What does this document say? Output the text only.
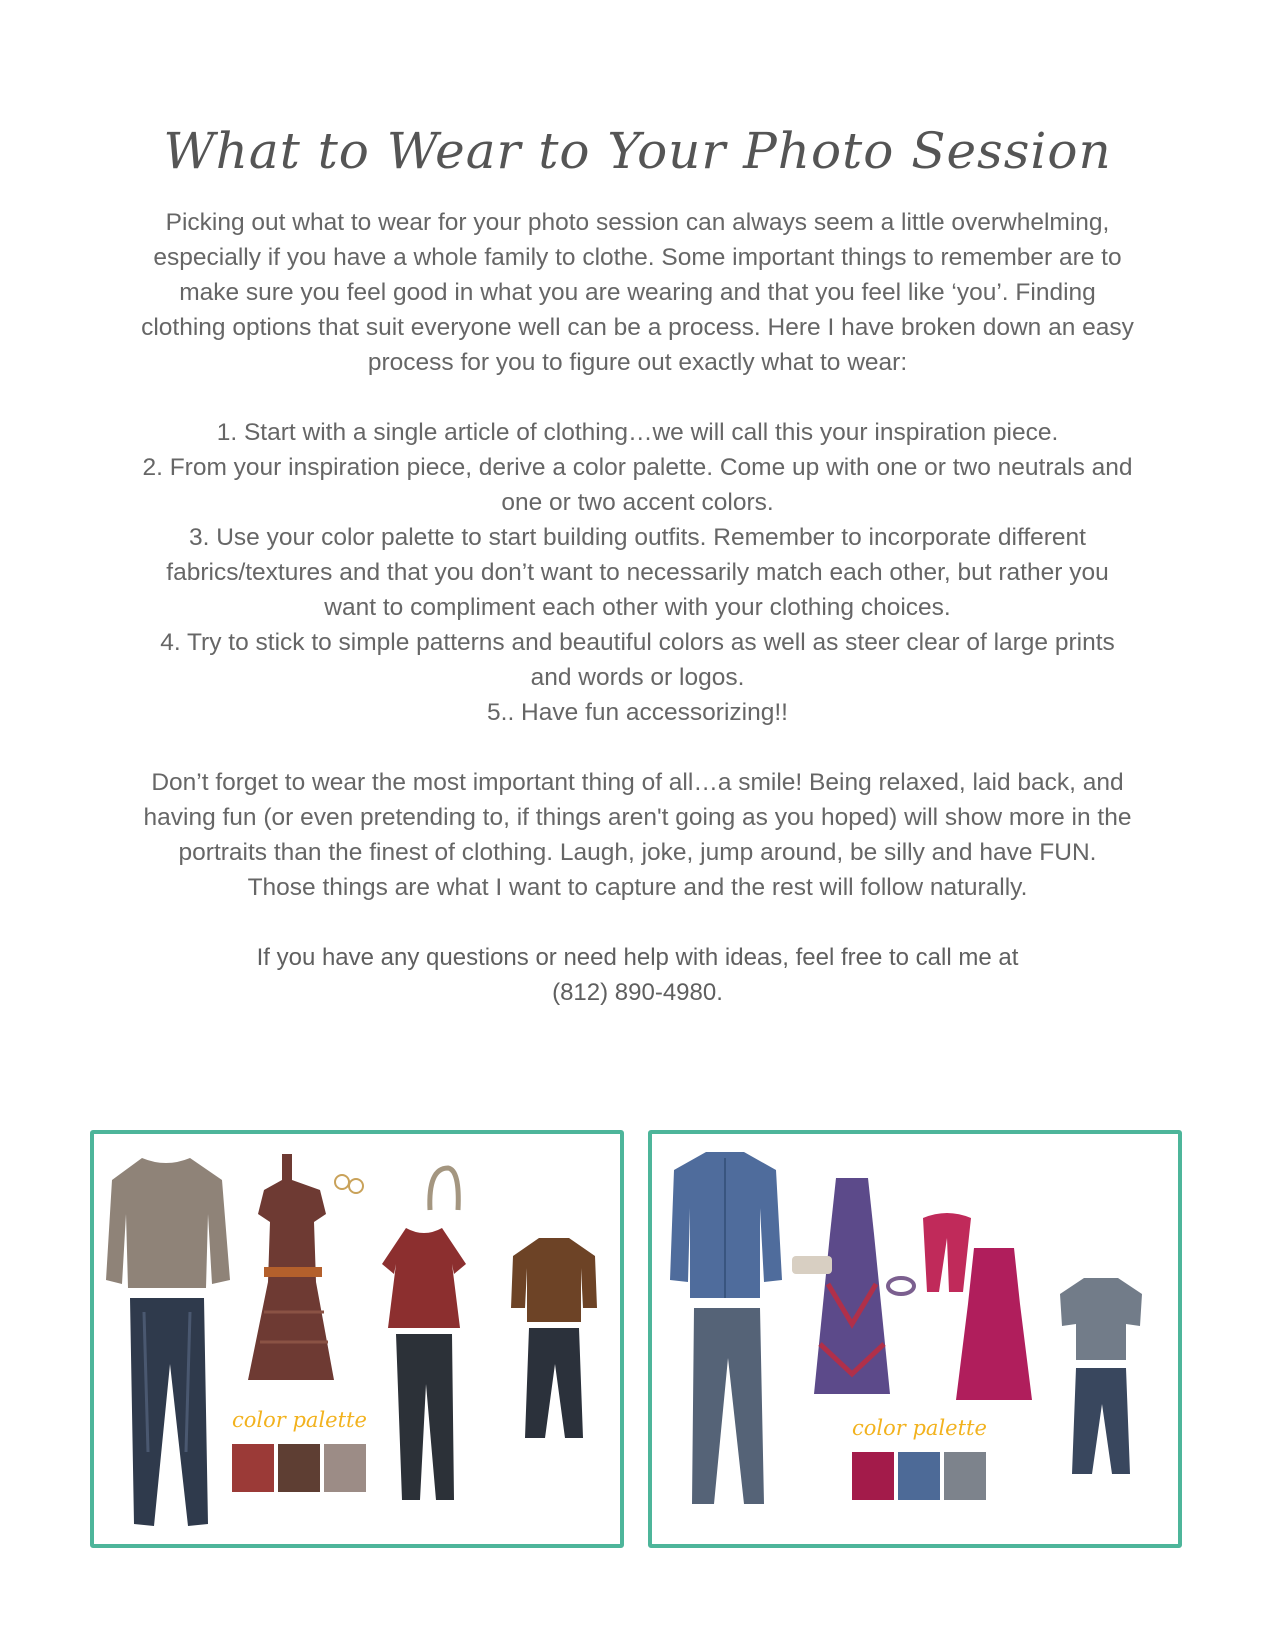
What to Wear to Your Photo Session

Picking out what to wear for your photo session can always seem a little overwhelming,

especially if you have a whole family to clothe. Some important things to remember are to

make sure you feel good in what you are wearing and that you feel like ‘you’. Finding

clothing options that suit everyone well can be a process. Here I have broken down an easy

process for you to figure out exactly what to wear:

1. Start with a single article of clothing…we will call this your inspiration piece.

2. From your inspiration piece, derive a color palette. Come up with one or two neutrals and

one or two accent colors.

3. Use your color palette to start building outfits. Remember to incorporate different

fabrics/textures and that you don’t want to necessarily match each other, but rather you

want to compliment each other with your clothing choices.

4. Try to stick to simple patterns and beautiful colors as well as steer clear of large prints

and words or logos.

5.. Have fun accessorizing!!

Don’t forget to wear the most important thing of all…a smile! Being relaxed, laid back, and

having fun (or even pretending to, if things aren't going as you hoped) will show more in the

portraits than the finest of clothing. Laugh, joke, jump around, be silly and have FUN.

Those things are what I want to capture and the rest will follow naturally.

If you have any questions or need help with ideas, feel free to call me at

(812) 890-4980.

color palette	color palette
